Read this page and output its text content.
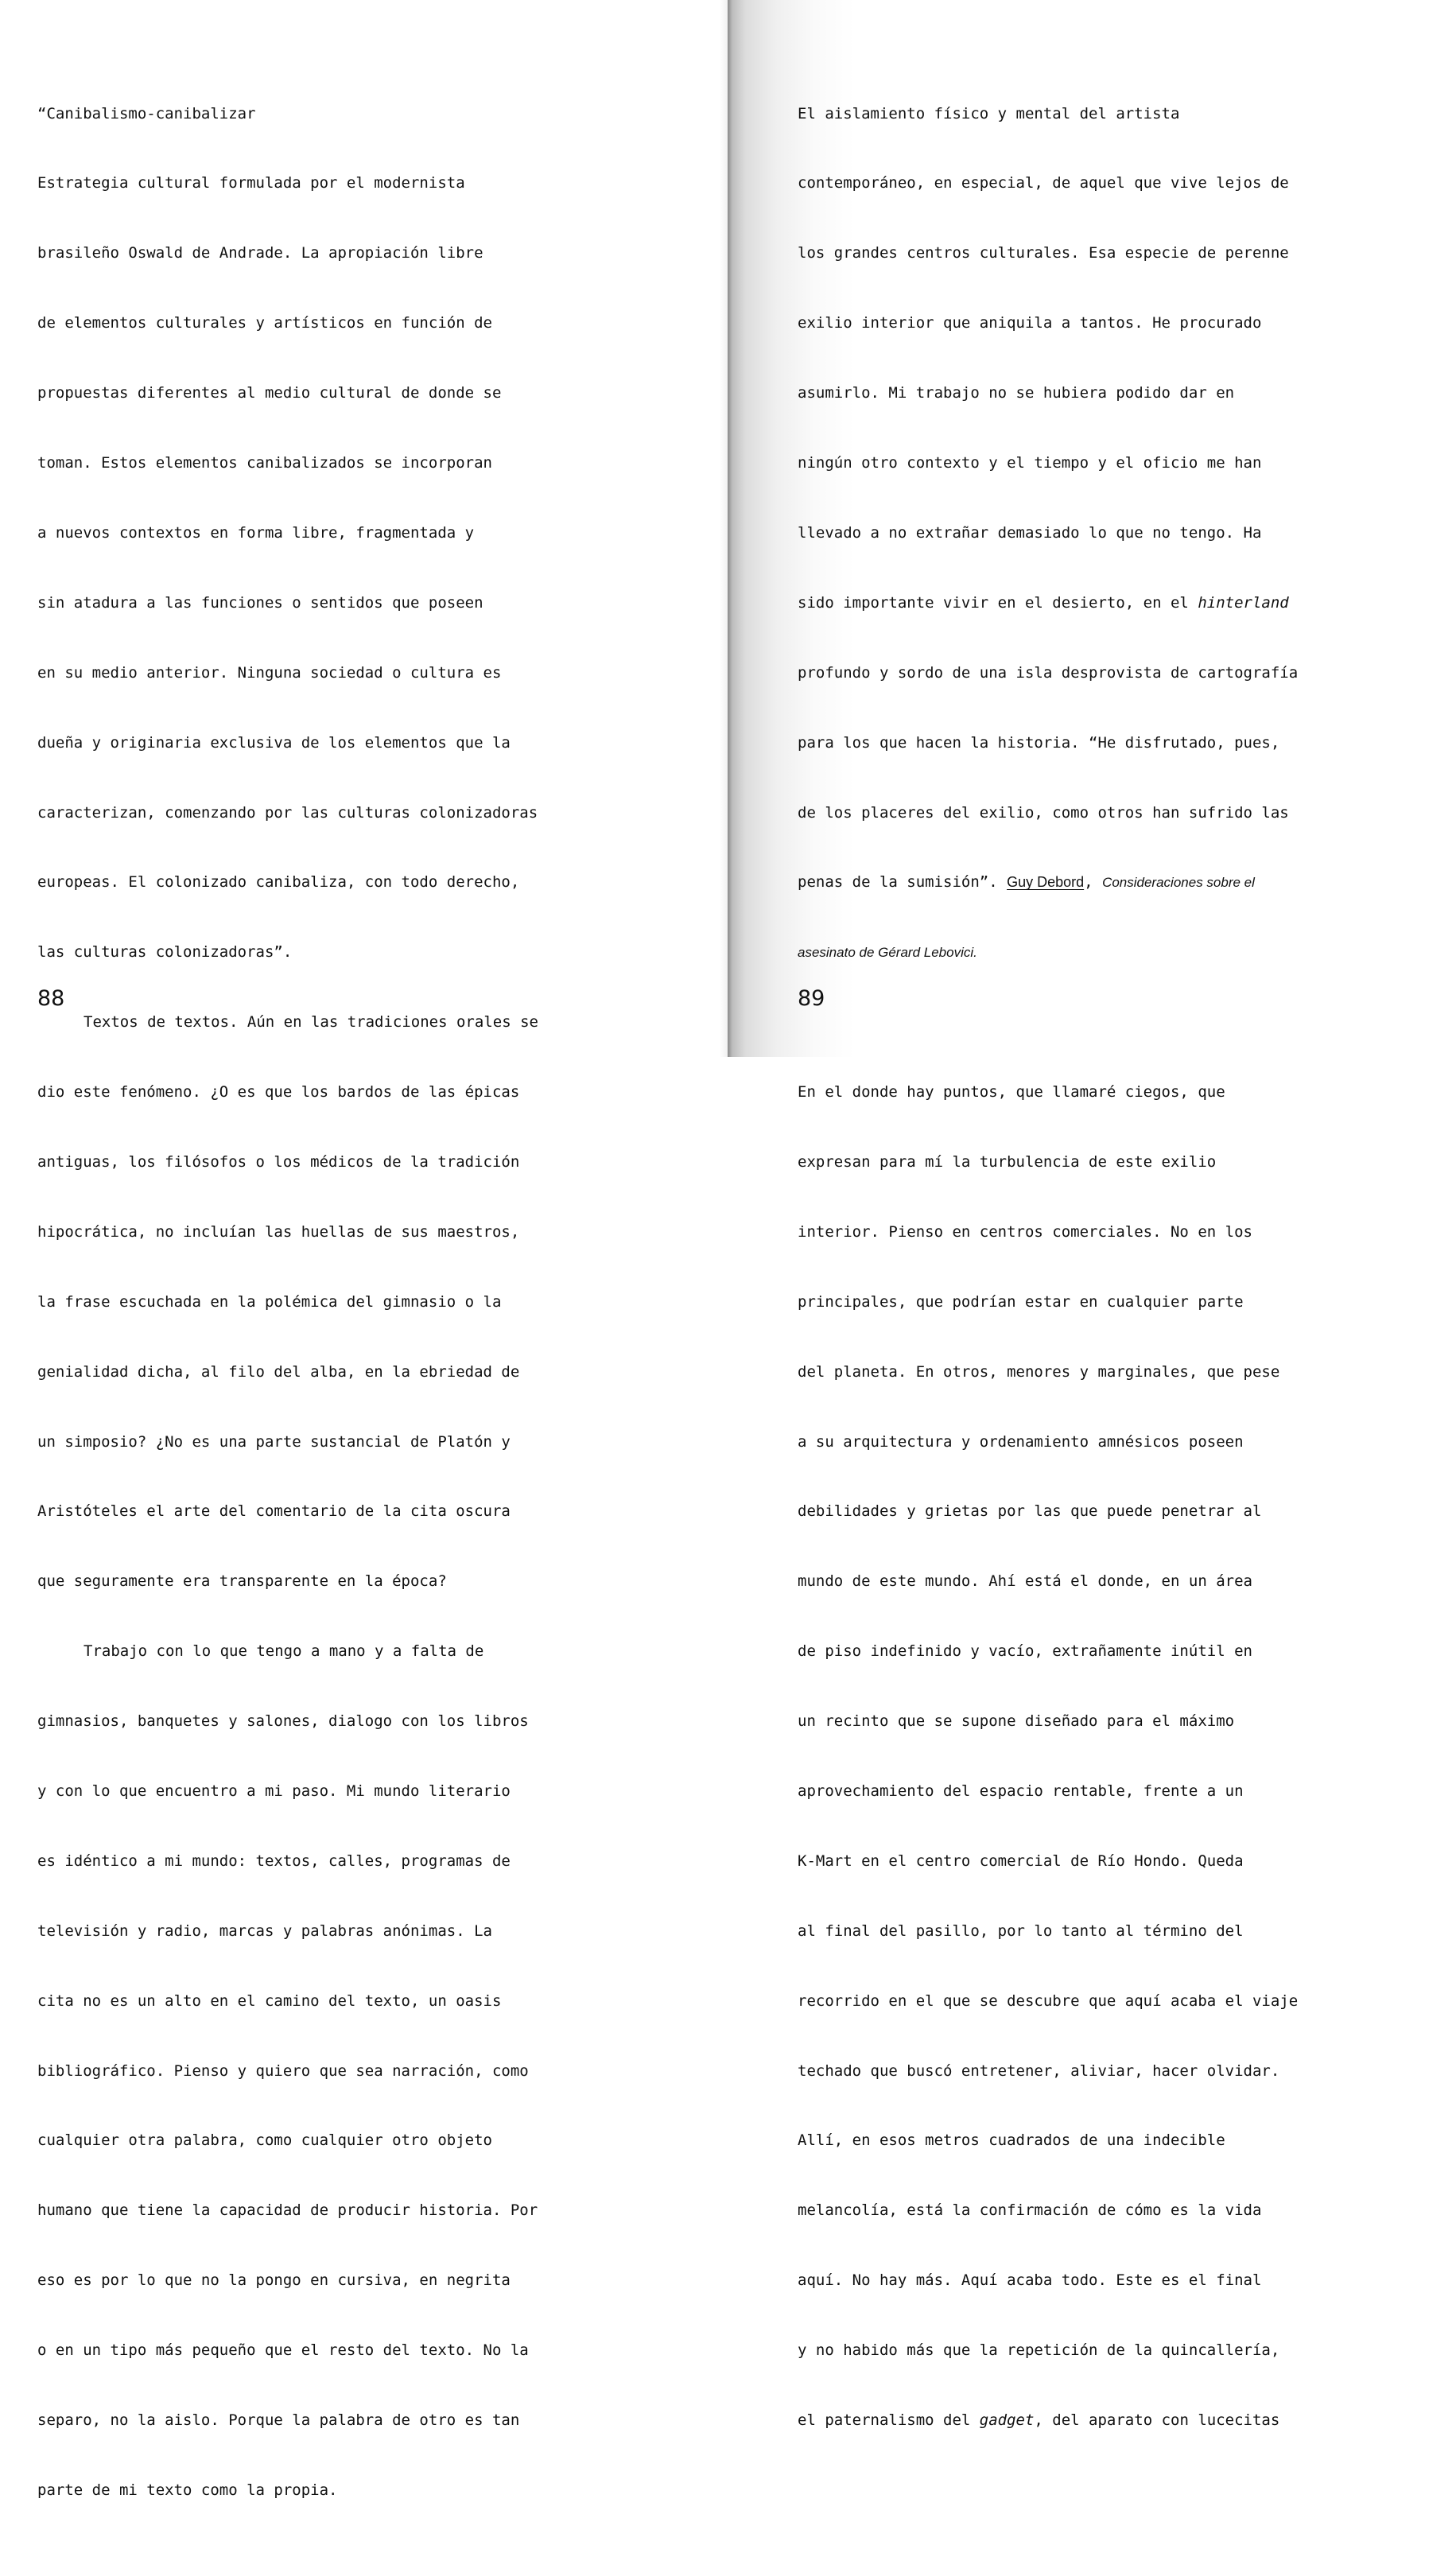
“Canibalismo-canibalizar

Estrategia cultural formulada por el modernista

brasileño Oswald de Andrade. La apropiación libre

de elementos culturales y artísticos en función de

propuestas diferentes al medio cultural de donde se

toman. Estos elementos canibalizados se incorporan

a nuevos contextos en forma libre, fragmentada y

sin atadura a las funciones o sentidos que poseen

en su medio anterior. Ninguna sociedad o cultura es

dueña y originaria exclusiva de los elementos que la

caracterizan, comenzando por las culturas colonizadoras

europeas. El colonizado canibaliza, con todo derecho,

las culturas colonizadoras”.

Textos de textos. Aún en las tradiciones orales se

dio este fenómeno. ¿O es que los bardos de las épicas

antiguas, los filósofos o los médicos de la tradición

hipocrática, no incluían las huellas de sus maestros,

la frase escuchada en la polémica del gimnasio o la

genialidad dicha, al filo del alba, en la ebriedad de

un simposio? ¿No es una parte sustancial de Platón y

Aristóteles el arte del comentario de la cita oscura

que seguramente era transparente en la época?

Trabajo con lo que tengo a mano y a falta de

gimnasios, banquetes y salones, dialogo con los libros

y con lo que encuentro a mi paso. Mi mundo literario

es idéntico a mi mundo: textos, calles, programas de

televisión y radio, marcas y palabras anónimas. La

cita no es un alto en el camino del texto, un oasis

bibliográfico. Pienso y quiero que sea narración, como

cualquier otra palabra, como cualquier otro objeto

humano que tiene la capacidad de producir historia. Por

eso es por lo que no la pongo en cursiva, en negrita

o en un tipo más pequeño que el resto del texto. No la

separo, no la aislo. Porque la palabra de otro es tan

parte de mi texto como la propia.

88

El aislamiento físico y mental del artista

contemporáneo, en especial, de aquel que vive lejos de

los grandes centros culturales. Esa especie de perenne

exilio interior que aniquila a tantos. He procurado

asumirlo. Mi trabajo no se hubiera podido dar en

ningún otro contexto y el tiempo y el oficio me han

llevado a no extrañar demasiado lo que no tengo. Ha

sido importante vivir en el desierto, en el hinterland

profundo y sordo de una isla desprovista de cartografía

para los que hacen la historia. “He disfrutado, pues,

de los placeres del exilio, como otros han sufrido las

penas de la sumisión”. Guy Debord, Consideraciones sobre el

asesinato de Gérard Lebovici.

En el donde hay puntos, que llamaré ciegos, que

expresan para mí la turbulencia de este exilio

interior. Pienso en centros comerciales. No en los

principales, que podrían estar en cualquier parte

del planeta. En otros, menores y marginales, que pese

a su arquitectura y ordenamiento amnésicos poseen

debilidades y grietas por las que puede penetrar al

mundo de este mundo. Ahí está el donde, en un área

de piso indefinido y vacío, extrañamente inútil en

un recinto que se supone diseñado para el máximo

aprovechamiento del espacio rentable, frente a un

K-Mart en el centro comercial de Río Hondo. Queda

al final del pasillo, por lo tanto al término del

recorrido en el que se descubre que aquí acaba el viaje

techado que buscó entretener, aliviar, hacer olvidar.

Allí, en esos metros cuadrados de una indecible

melancolía, está la confirmación de cómo es la vida

aquí. No hay más. Aquí acaba todo. Este es el final

y no habido más que la repetición de la quincallería,

el paternalismo del gadget, del aparato con lucecitas

89
